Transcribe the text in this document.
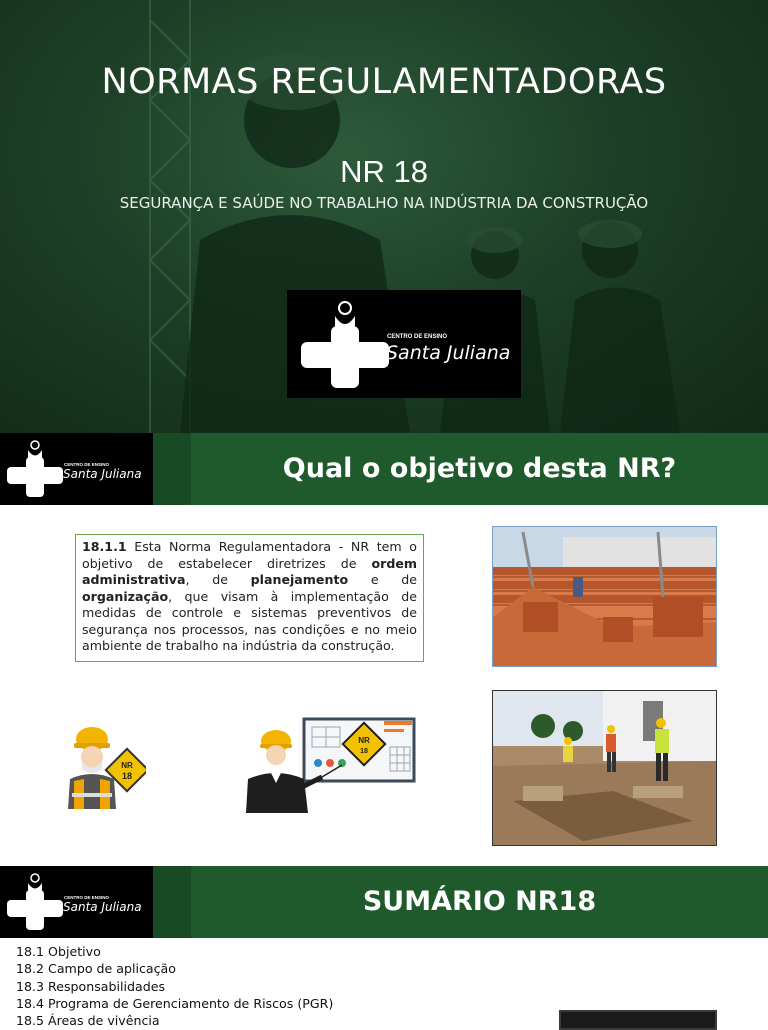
NORMAS REGULAMENTADORAS
NR 18
SEGURANÇA E SAÚDE NO TRABALHO NA INDÚSTRIA DA CONSTRUÇÃO
CENTRO DE ENSINO
Santa Juliana
CENTRO DE ENSINO
Santa Juliana	Qual o objetivo desta NR?
18.1.1 Esta Norma Regulamentadora - NR tem o objetivo de estabelecer diretrizes de ordem administrativa, de planejamento e de organização, que visam à implementação de medidas de controle e sistemas preventivos de segurança nos processos, nas condições e no meio ambiente de trabalho na indústria da construção.
NR
18
NR
18
CENTRO DE ENSINO
Santa Juliana	SUMÁRIO NR18
18.1 Objetivo
18.2 Campo de aplicação
18.3 Responsabilidades
18.4 Programa de Gerenciamento de Riscos (PGR)
18.5 Áreas de vivência
